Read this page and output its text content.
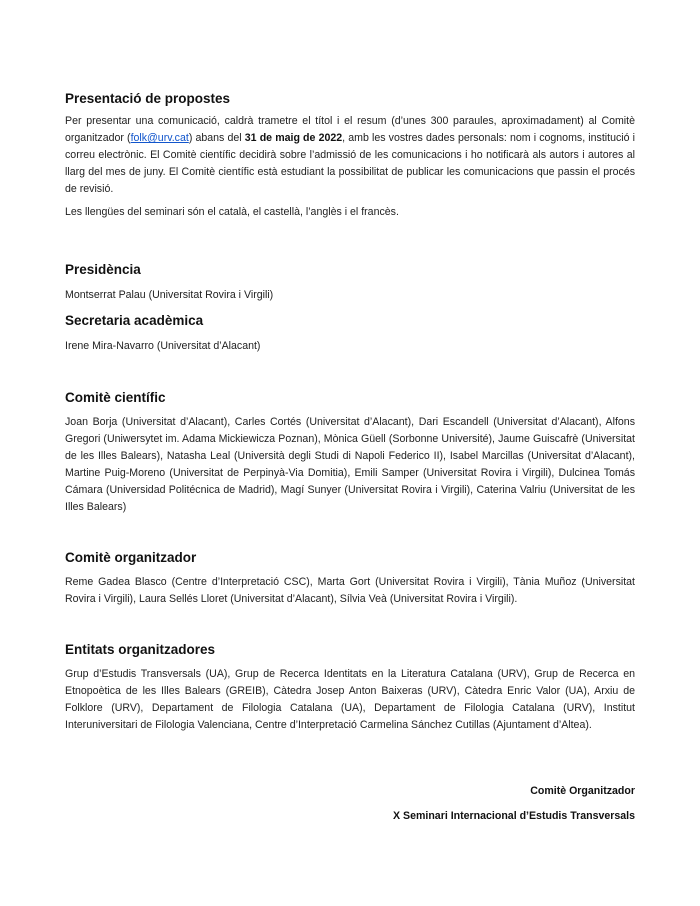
Presentació de propostes

Per presentar una comunicació, caldrà trametre el títol i el resum (d’unes 300 paraules, aproximadament) al Comitè organitzador (folk@urv.cat) abans del 31 de maig de 2022, amb les vostres dades personals: nom i cognoms, institució i correu electrònic. El Comitè científic decidirà sobre l’admissió de les comunicacions i ho notificarà als autors i autores al llarg del mes de juny. El Comitè científic està estudiant la possibilitat de publicar les comunicacions que passin el procés de revisió.

Les llengües del seminari són el català, el castellà, l’anglès i el francès.

Presidència

Montserrat Palau (Universitat Rovira i Virgili)

Secretaria acadèmica

Irene Mira-Navarro (Universitat d’Alacant)

Comitè científic

Joan Borja (Universitat d’Alacant), Carles Cortés (Universitat d’Alacant), Dari Escandell (Universitat d’Alacant), Alfons Gregori (Uniwersytet im. Adama Mickiewicza Poznan), Mònica Güell (Sorbonne Université), Jaume Guiscafrè (Universitat de les Illes Balears), Natasha Leal (Università degli Studi di Napoli Federico II), Isabel Marcillas (Universitat d’Alacant), Martine Puig-Moreno (Universitat de Perpinyà-Via Domitia), Emili Samper (Universitat Rovira i Virgili), Dulcinea Tomás Cámara (Universidad Politécnica de Madrid), Magí Sunyer (Universitat Rovira i Virgili), Caterina Valriu (Universitat de les Illes Balears)

Comitè organitzador

Reme Gadea Blasco (Centre d’Interpretació CSC), Marta Gort (Universitat Rovira i Virgili), Tània Muñoz (Universitat Rovira i Virgili), Laura Sellés Lloret (Universitat d’Alacant), Sílvia Veà (Universitat Rovira i Virgili).

Entitats organitzadores

Grup d’Estudis Transversals (UA), Grup de Recerca Identitats en la Literatura Catalana (URV), Grup de Recerca en Etnopoètica de les Illes Balears (GREIB), Càtedra Josep Anton Baixeras (URV), Càtedra Enric Valor (UA), Arxiu de Folklore (URV), Departament de Filologia Catalana (UA), Departament de Filologia Catalana (URV), Institut Interuniversitari de Filologia Valenciana, Centre d’Interpretació Carmelina Sánchez Cutillas (Ajuntament d’Altea).

Comitè Organitzador
X Seminari Internacional d’Estudis Transversals
